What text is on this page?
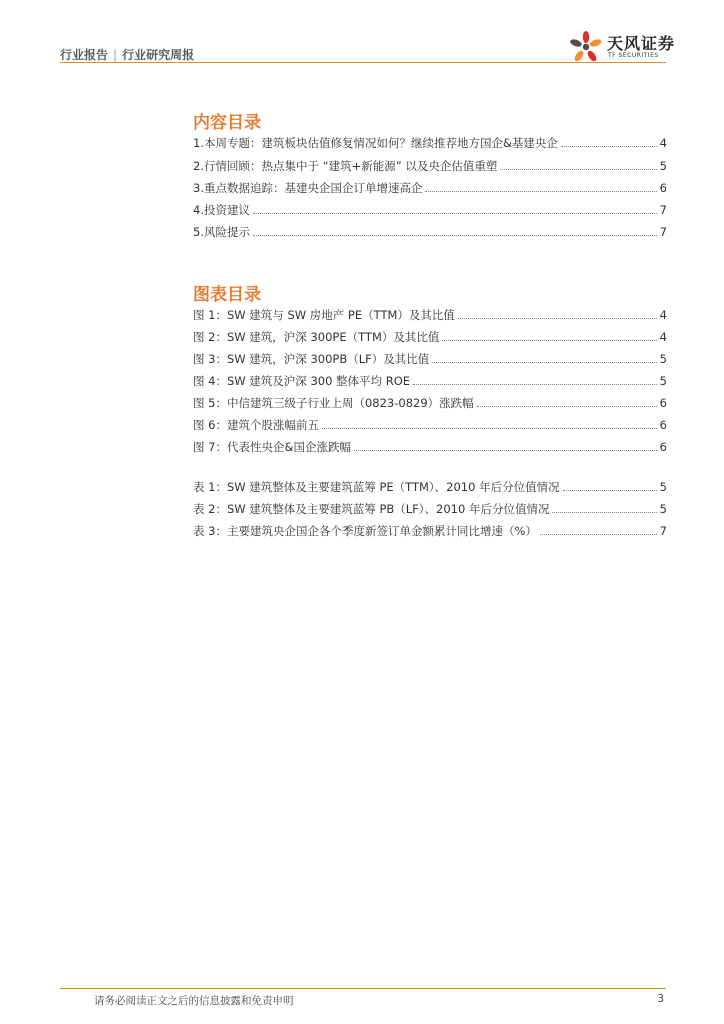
行业报告 | 行业研究周报
天风证券
TF SECURITIES
内容目录
1.本周专题：建筑板块估值修复情况如何？继续推荐地方国企&基建央企	4
2.行情回顾：热点集中于 “建筑+新能源” 以及央企估值重塑	5
3.重点数据追踪：基建央企国企订单增速高企	6
4.投资建议	7
5.风险提示	7
图表目录
图 1：SW 建筑与 SW 房地产 PE（TTM）及其比值	4
图 2：SW 建筑，沪深 300PE（TTM）及其比值	4
图 3：SW 建筑，沪深 300PB（LF）及其比值	5
图 4：SW 建筑及沪深 300 整体平均 ROE	5
图 5：中信建筑三级子行业上周（0823-0829）涨跌幅	6
图 6：建筑个股涨幅前五	6
图 7：代表性央企&国企涨跌幅	6
表 1：SW 建筑整体及主要建筑蓝筹 PE（TTM）、2010 年后分位值情况	5
表 2：SW 建筑整体及主要建筑蓝筹 PB（LF）、2010 年后分位值情况	5
表 3：主要建筑央企国企各个季度新签订单金额累计同比增速（%）	7
请务必阅读正文之后的信息披露和免责申明	3
